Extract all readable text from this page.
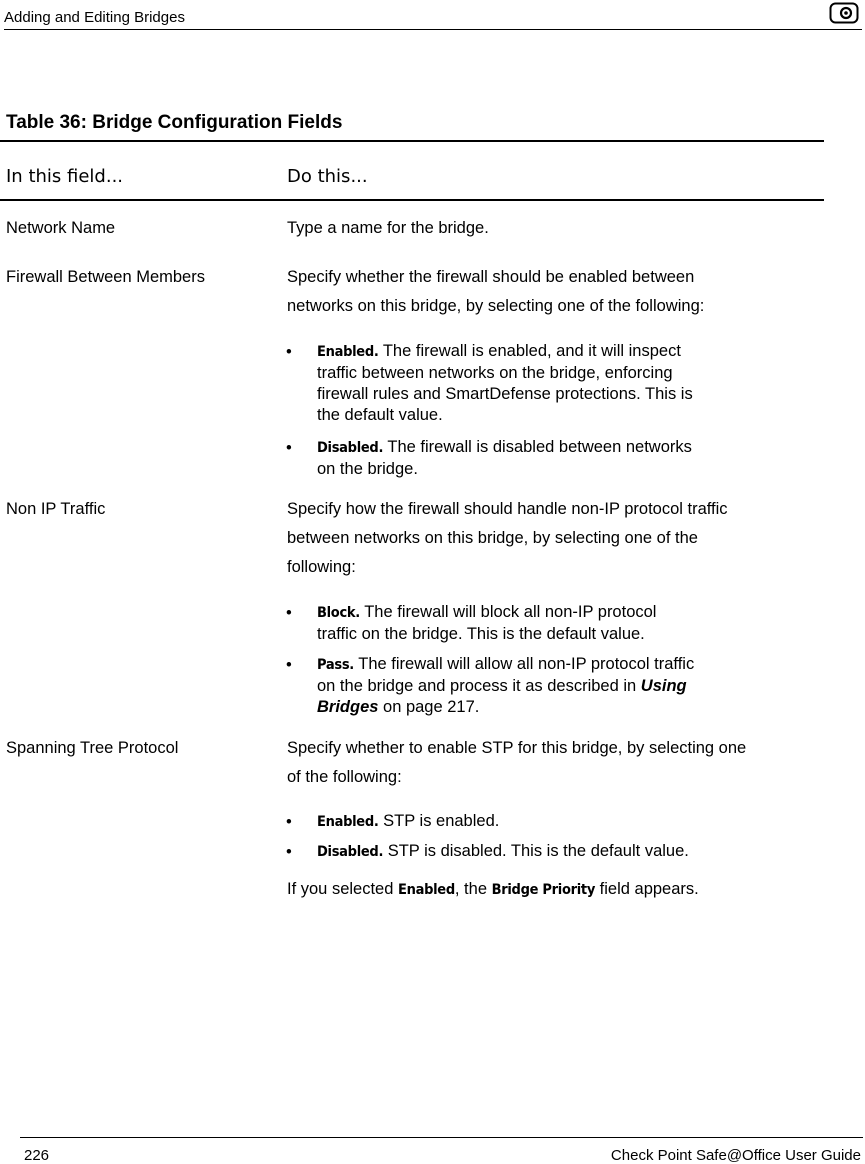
Adding and Editing Bridges
Table 36: Bridge Configuration Fields
In this field...	Do this...
Network Name	Type a name for the bridge.
Firewall Between Members	Specify whether the firewall should be enabled between
networks on this bridge, by selecting one of the following:
• Enabled. The firewall is enabled, and it will inspect
traffic between networks on the bridge, enforcing
firewall rules and SmartDefense protections. This is
the default value.
• Disabled. The firewall is disabled between networks
on the bridge.
Non IP Traffic	Specify how the firewall should handle non-IP protocol traffic
between networks on this bridge, by selecting one of the
following:
• Block. The firewall will block all non-IP protocol
traffic on the bridge. This is the default value.
• Pass. The firewall will allow all non-IP protocol traffic
on the bridge and process it as described in Using
Bridges on page 217.
Spanning Tree Protocol	Specify whether to enable STP for this bridge, by selecting one
of the following:
• Enabled. STP is enabled.
• Disabled. STP is disabled. This is the default value.
If you selected Enabled, the Bridge Priority field appears.
226	Check Point Safe@Office User Guide
